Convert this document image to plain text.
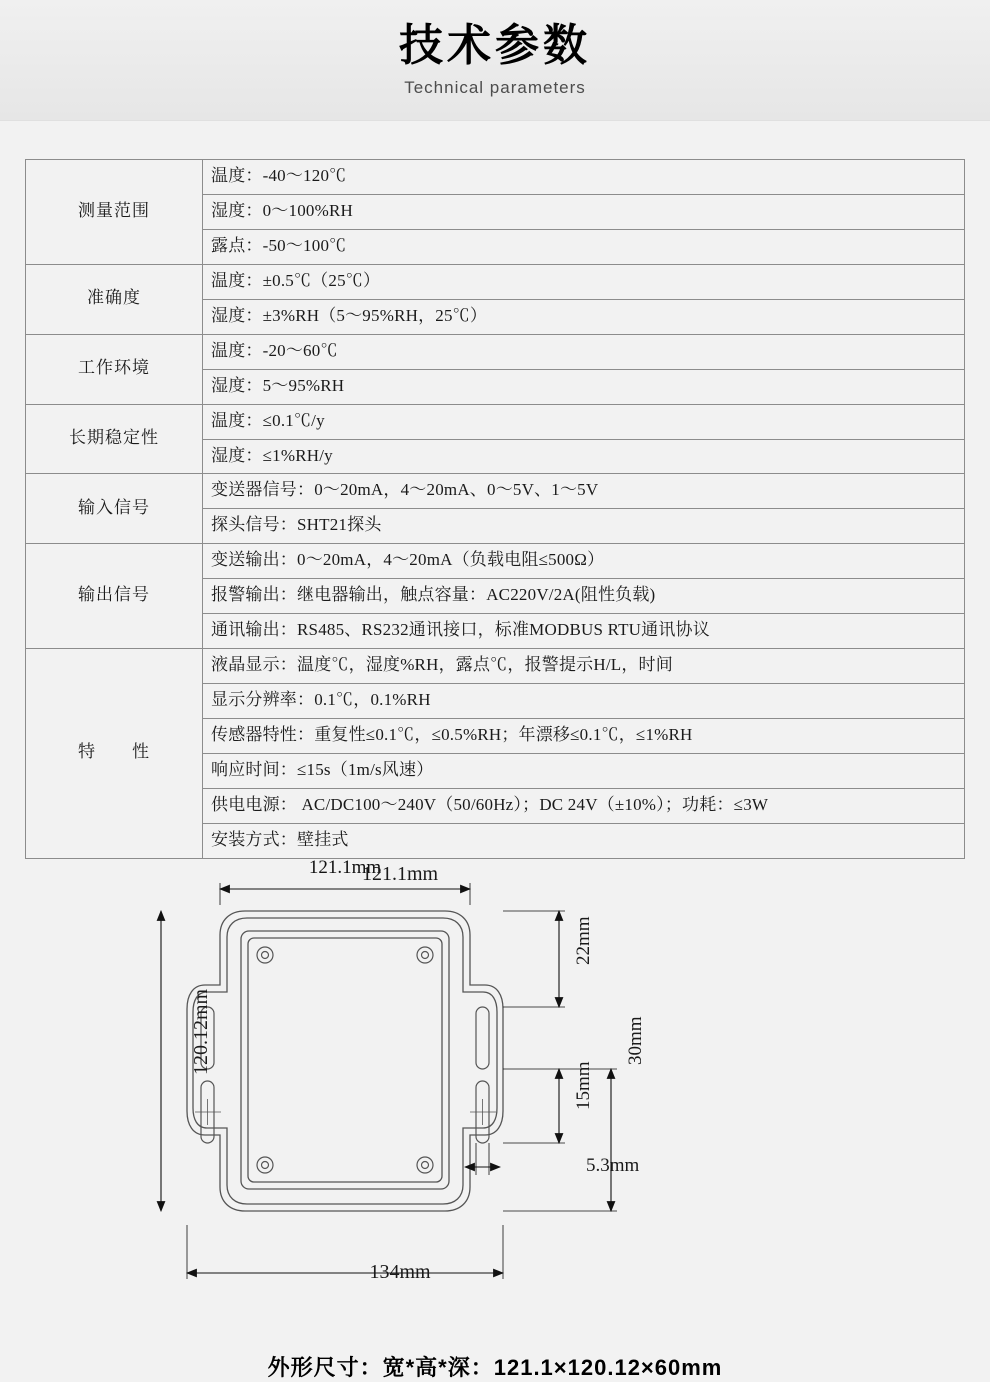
技术参数
Technical parameters
测量范围	温度：-40～120℃
	湿度：0～100%RH
	露点：-50～100℃
准确度	温度：±0.5℃（25℃）
	湿度：±3%RH（5～95%RH，25℃）
工作环境	温度：-20～60℃
	湿度：5～95%RH
长期稳定性	温度：≤0.1℃/y
	湿度：≤1%RH/y
输入信号	变送器信号：0～20mA，4～20mA、0～5V、1～5V
	探头信号：SHT21探头
输出信号	变送输出：0～20mA，4～20mA（负载电阻≤500Ω）
	报警输出：继电器输出，触点容量：AC220V/2A(阻性负载)
	通讯输出：RS485、RS232通讯接口，标准MODBUS RTU通讯协议
特　　性	液晶显示：温度℃，湿度%RH，露点℃，报警提示H/L，时间
	显示分辨率：0.1℃，0.1%RH
	传感器特性：重复性≤0.1℃，≤0.5%RH；年漂移≤0.1℃，≤1%RH
	响应时间：≤15s（1m/s风速）
	供电电源： AC/DC100～240V（50/60Hz）；DC 24V（±10%）；功耗：≤3W
	安装方式：壁挂式
121.1mm
121.1mm
120.12mm
134mm
22mm
30mm
15mm
5.3mm
外形尺寸：宽*高*深：121.1×120.12×60mm
